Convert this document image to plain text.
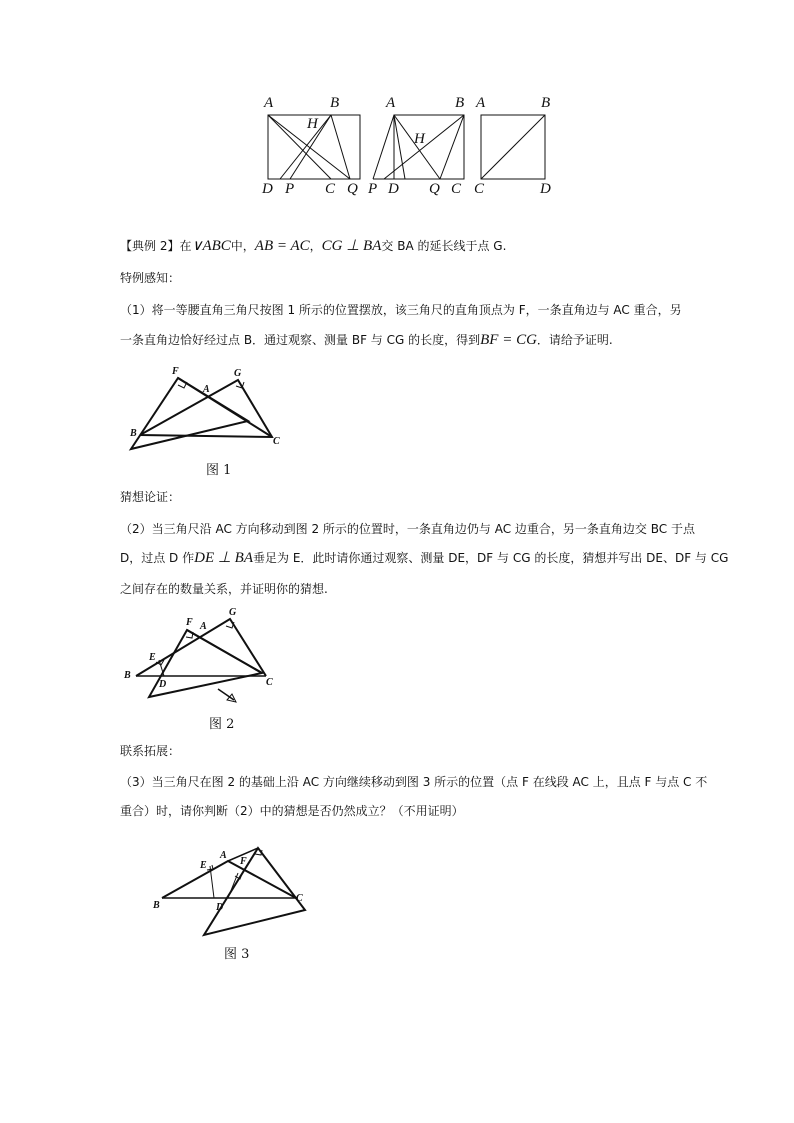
A	B
H
D P C Q
A	B
H
P D Q C
A	B
C	D
【典例 2】在∨ABC中，AB = AC，CG ⊥ BA交 BA 的延长线于点 G.
特例感知：
（1）将一等腰直角三角尺按图 1 所示的位置摆放，该三角尺的直角顶点为 F，一条直角边与 AC 重合，另
一条直角边恰好经过点 B．通过观察、测量 BF 与 CG 的长度，得到BF = CG．请给予证明.
F
A
G
B
C
图 1
猜想论证：
（2）当三角尺沿 AC 方向移动到图 2 所示的位置时，一条直角边仍与 AC 边重合，另一条直角边交 BC 于点
D，过点 D 作DE ⊥ BA垂足为 E．此时请你通过观察、测量 DE，DF 与 CG 的长度，猜想并写出 DE、DF 与 CG
之间存在的数量关系，并证明你的猜想.
G
F A
E
B
D	C
图 2
联系拓展：
（3）当三角尺在图 2 的基础上沿 AC 方向继续移动到图 3 所示的位置（点 F 在线段 AC 上，且点 F 与点 C 不
重合）时，请你判断（2）中的猜想是否仍然成立？（不用证明）
E
A
F
B	D
C
图 3
